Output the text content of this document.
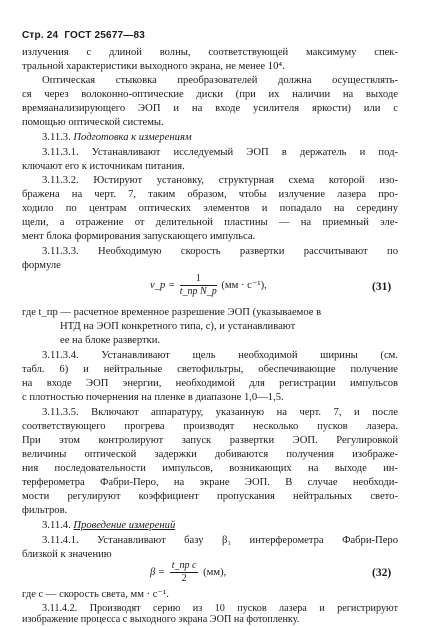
Стр. 24 ГОСТ 25677—83
излучения с длиной волны, соответствующей максимуму спек-
тральной характеристики выходного экрана, не менее 10⁴.
Оптическая стыковка преобразователей должна осуществлять-
ся через волоконно-оптические диски (при их наличии на выходе
времяанализирующего ЭОП и на входе усилителя яркости) или с
помощью оптической системы.
3.11.3. Подготовка к измерениям
3.11.3.1. Устанавливают исследуемый ЭОП в держатель и под-
ключают его к источникам питания.
3.11.3.2. Юстируют установку, структурная схема которой изо-
бражена на черт. 7, таким образом, чтобы излучение лазера про-
ходило по центрам оптических элементов и попадало на середину
щели, а отражение от делительной пластины — на приемный эле-
мент блока формирования запускающего импульса.
3.11.3.3. Необходимую скорость развертки рассчитывают по
формуле
v_р = $\frac{1}{\text{t\_пр N\_р}} (мм \cdot с^{-1})$,	(31)
где t_пр — расчетное временное разрешение ЭОП (указываемое в
НТД на ЭОП конкретного типа, с), и устанавливают
ее на блоке развертки.
3.11.3.4. Устанавливают щель необходимой ширины (см.
табл. 6) и нейтральные светофильтры, обеспечивающие получение
на входе ЭОП энергии, необходимой для регистрации импульсов
с плотностью почернения на пленке в диапазоне 1,0—1,5.
3.11.3.5. Включают аппаратуру, указанную на черт. 7, и после
соответствующего прогрева производят несколько пусков лазера.
При этом контролируют запуск развертки ЭОП. Регулировкой
величины оптической задержки добиваются получения изображе-
ния последовательности импульсов, возникающих на выходе ин-
терферометра Фабри-Перо, на экране ЭОП. В случае необходи-
мости регулируют коэффициент пропускания нейтральных свето-
фильтров.
3.11.4. Проведение измерений
3.11.4.1. Устанавливают базу β₁ интерферометра Фабри-Перо
близкой к значению
$\beta = \frac{\text{t\_пр c}}{2} (мм)$,	(32)
где c — скорость света, мм · с⁻¹.
3.11.4.2. Производят серию из 10 пусков лазера и регистрируют
изображение процесса с выходного экрана ЭОП на фотопленку.
